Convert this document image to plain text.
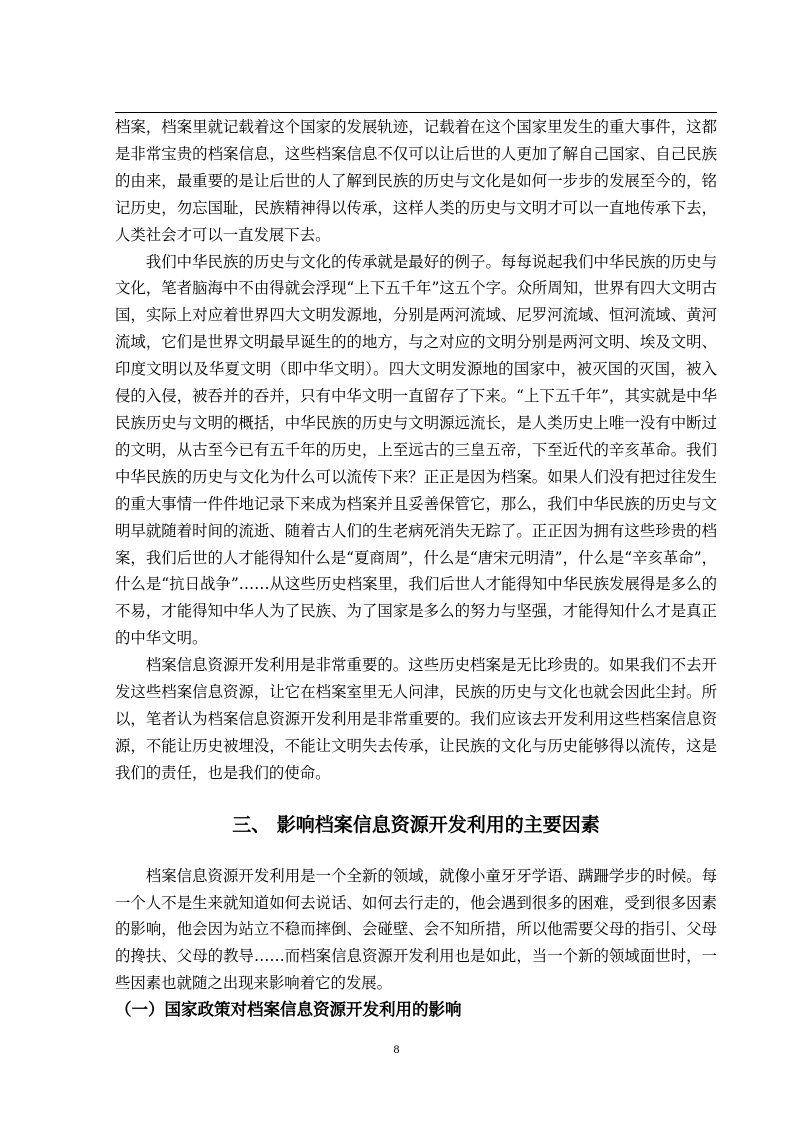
档案，档案里就记载着这个国家的发展轨迹，记载着在这个国家里发生的重大事件，这都是非常宝贵的档案信息，这些档案信息不仅可以让后世的人更加了解自己国家、自己民族的由来，最重要的是让后世的人了解到民族的历史与文化是如何一步步的发展至今的，铭记历史，勿忘国耻，民族精神得以传承，这样人类的历史与文明才可以一直地传承下去，人类社会才可以一直发展下去。

我们中华民族的历史与文化的传承就是最好的例子。每每说起我们中华民族的历史与文化，笔者脑海中不由得就会浮现“上下五千年”这五个字。众所周知，世界有四大文明古国，实际上对应着世界四大文明发源地，分别是两河流域、尼罗河流域、恒河流域、黄河流域，它们是世界文明最早诞生的的地方，与之对应的文明分别是两河文明、埃及文明、印度文明以及华夏文明（即中华文明）。四大文明发源地的国家中，被灭国的灭国，被入侵的入侵，被吞并的吞并，只有中华文明一直留存了下来。“上下五千年”，其实就是中华民族历史与文明的概括，中华民族的历史与文明源远流长，是人类历史上唯一没有中断过的文明，从古至今已有五千年的历史，上至远古的三皇五帝，下至近代的辛亥革命。我们中华民族的历史与文化为什么可以流传下来？正正是因为档案。如果人们没有把过往发生的重大事情一件件地记录下来成为档案并且妥善保管它，那么，我们中华民族的历史与文明早就随着时间的流逝、随着古人们的生老病死消失无踪了。正正因为拥有这些珍贵的档案，我们后世的人才能得知什么是“夏商周”，什么是“唐宋元明清”，什么是“辛亥革命”，什么是“抗日战争”……从这些历史档案里，我们后世人才能得知中华民族发展得是多么的不易，才能得知中华人为了民族、为了国家是多么的努力与坚强，才能得知什么才是真正的中华文明。

档案信息资源开发利用是非常重要的。这些历史档案是无比珍贵的。如果我们不去开发这些档案信息资源，让它在档案室里无人问津，民族的历史与文化也就会因此尘封。所以，笔者认为档案信息资源开发利用是非常重要的。我们应该去开发利用这些档案信息资源，不能让历史被埋没，不能让文明失去传承，让民族的文化与历史能够得以流传，这是我们的责任，也是我们的使命。

三、 影响档案信息资源开发利用的主要因素

档案信息资源开发利用是一个全新的领域，就像小童牙牙学语、蹒跚学步的时候。每一个人不是生来就知道如何去说话、如何去行走的，他会遇到很多的困难，受到很多因素的影响，他会因为站立不稳而摔倒、会碰壁、会不知所措，所以他需要父母的指引、父母的搀扶、父母的教导……而档案信息资源开发利用也是如此，当一个新的领域面世时，一些因素也就随之出现来影响着它的发展。

（一）国家政策对档案信息资源开发利用的影响
8
